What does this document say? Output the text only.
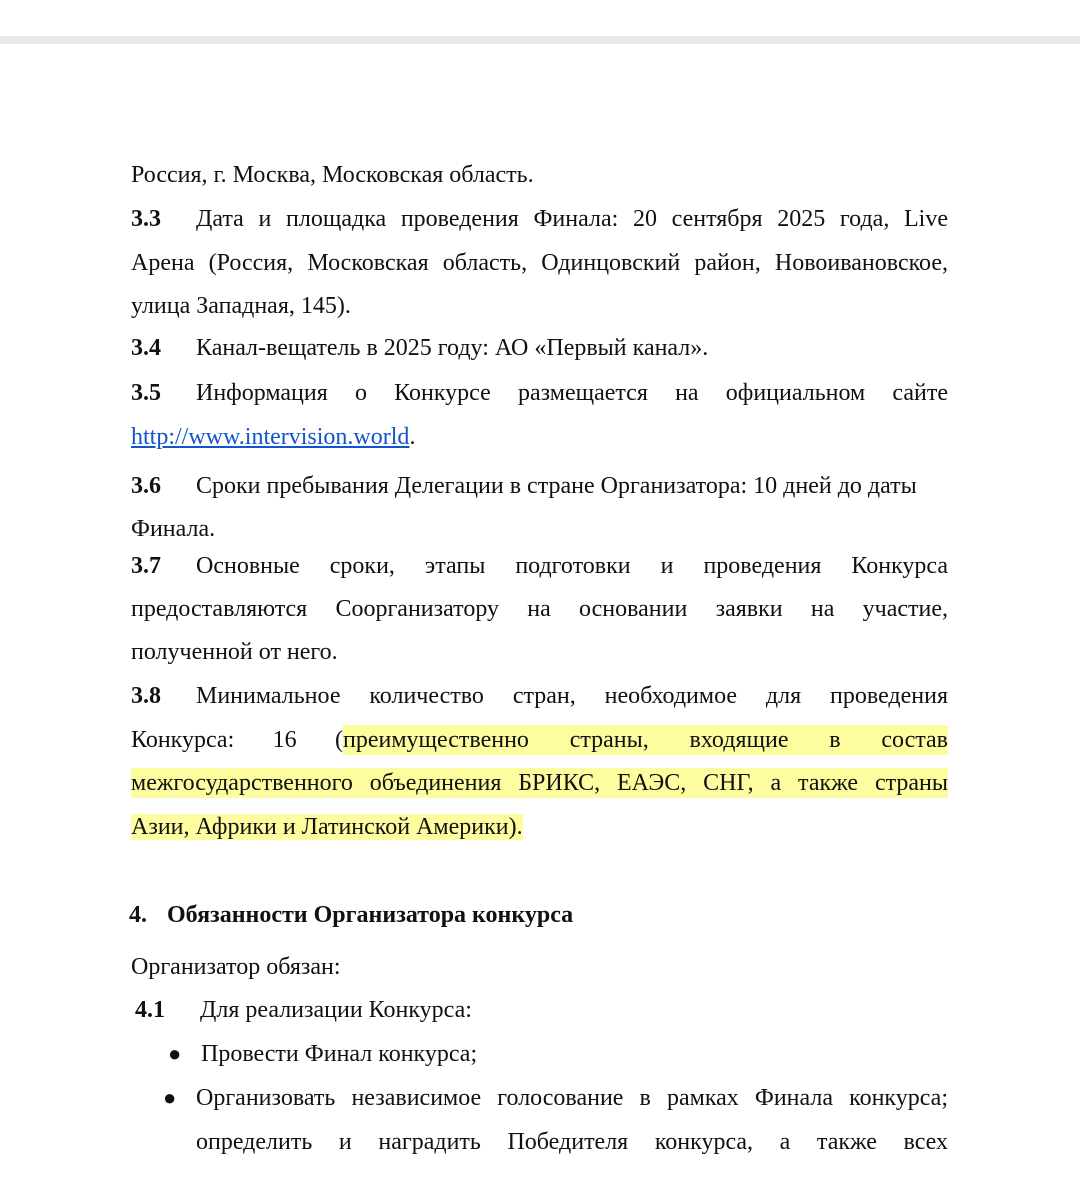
Россия, г. Москва, Московская область.
3.3 Дата и площадка проведения Финала: 20 сентября 2025 года, Live
Арена (Россия, Московская область, Одинцовский район, Новоивановское,
улица Западная, 145).
3.4 Канал-вещатель в 2025 году: АО «Первый канал».
3.5 Информация о Конкурсе размещается на официальном сайте
http://www.intervision.world.
3.6 Сроки пребывания Делегации в стране Организатора: 10 дней до даты
Финала.
3.7 Основные сроки, этапы подготовки и проведения Конкурса
предоставляются Соорганизатору на основании заявки на участие,
полученной от него.
3.8 Минимальное количество стран, необходимое для проведения
Конкурса: 16 ( преимущественно страны, входящие в состав
межгосударственного объединения БРИКС, ЕАЭС, СНГ, а также страны
Азии, Африки и Латинской Америки).
4. Обязанности Организатора конкурса
Организатор обязан:
4.1 Для реализации Конкурса:
● Провести Финал конкурса;
● Организовать независимое голосование в рамках Финала конкурса;
определить и наградить Победителя конкурса, а также всех
